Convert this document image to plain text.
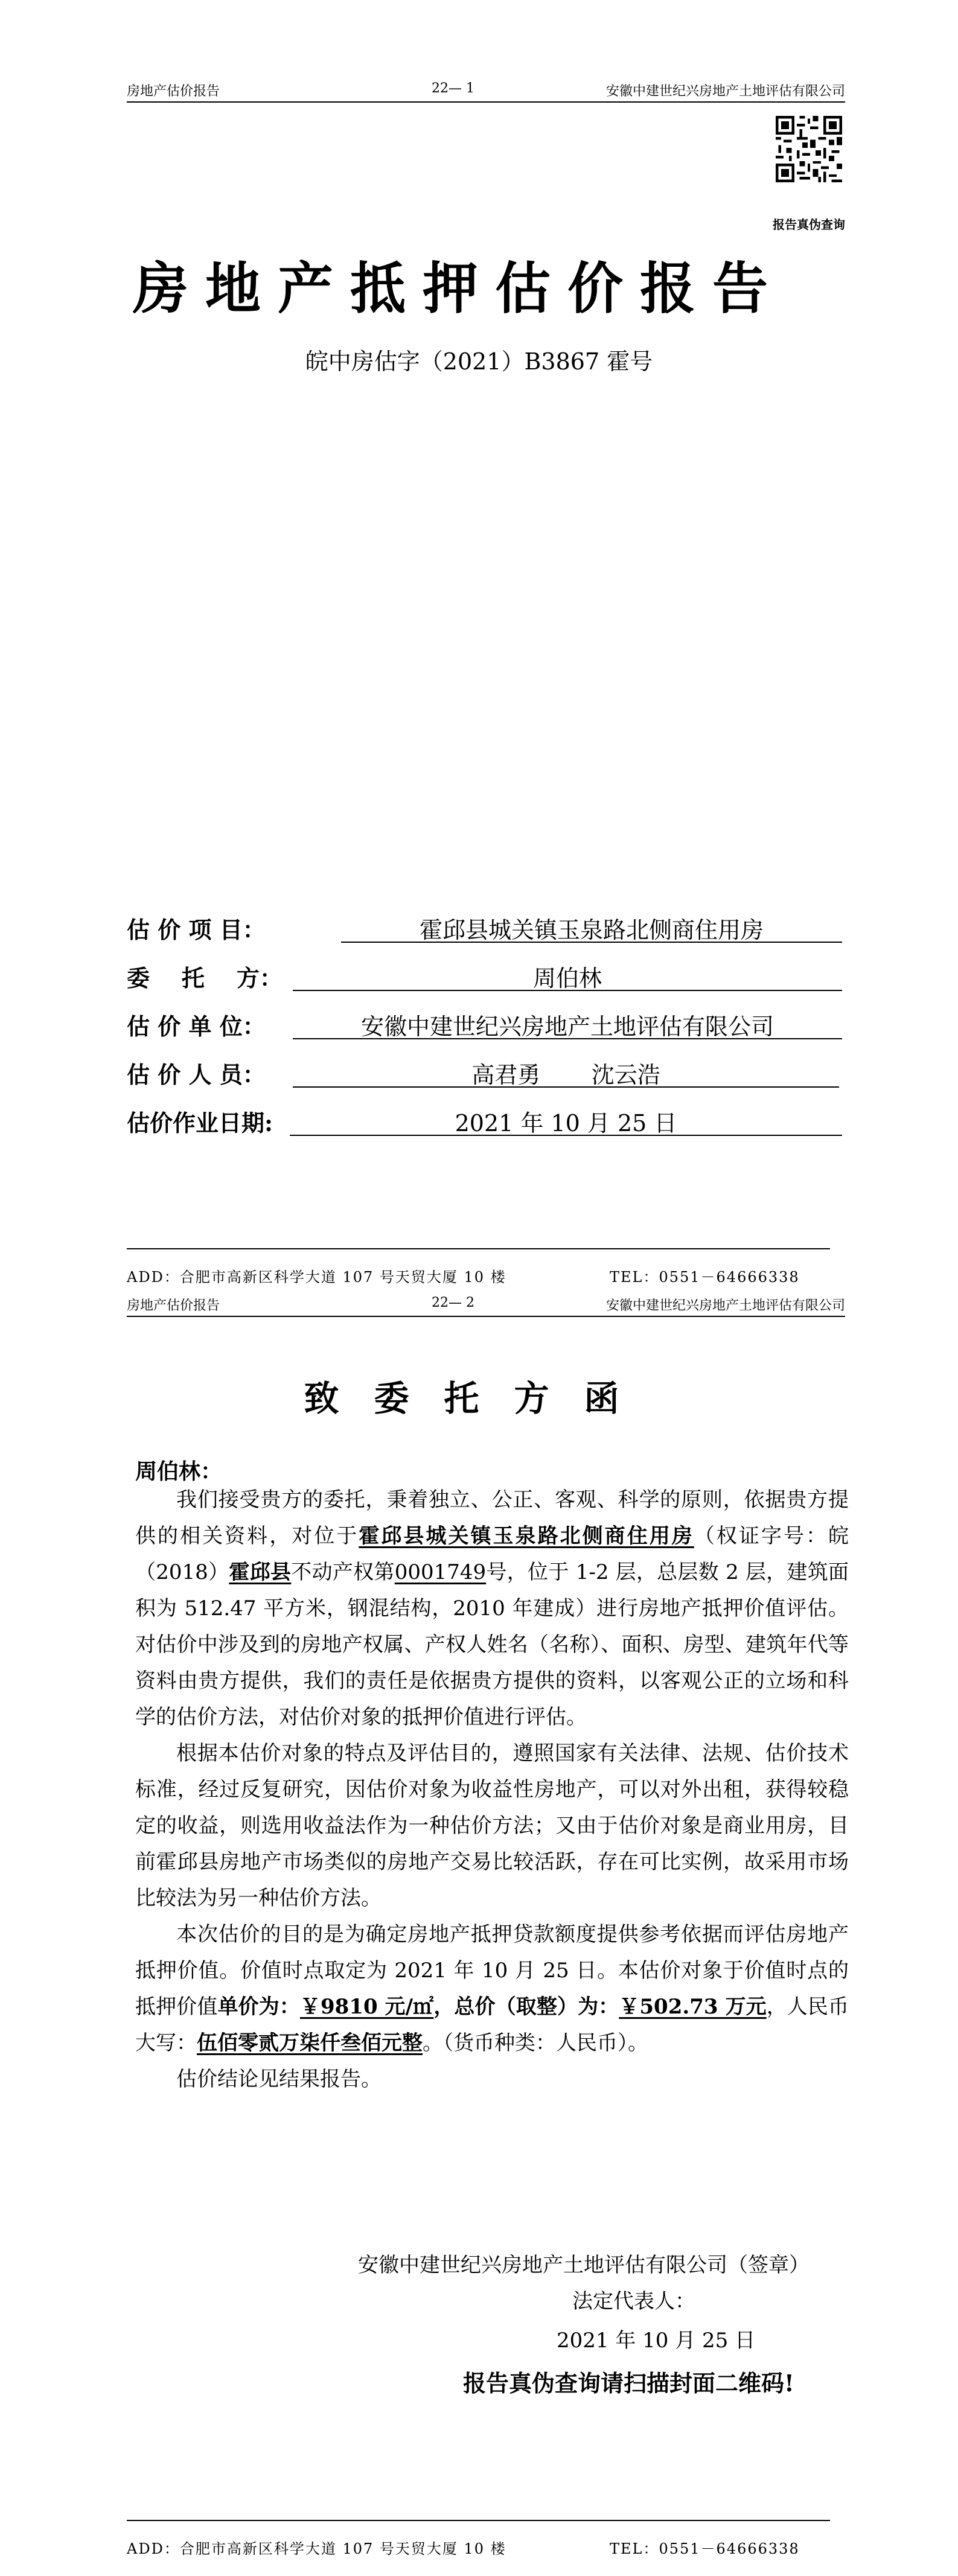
房地产估价报告	22— 1	安徽中建世纪兴房地产土地评估有限公司
报告真伪查询
房地产抵押估价报告
皖中房估字（2021）B3867 霍号
估 价 项 目：	霍邱县城关镇玉泉路北侧商住用房
委    托    方：	周伯林
估 价 单 位：	安徽中建世纪兴房地产土地评估有限公司
估 价 人 员：	高君勇       沈云浩
估价作业日期:	2021 年 10 月 25 日
ADD：合肥市高新区科学大道 107 号天贸大厦 10 楼	TEL：0551－64666338
房地产估价报告	22— 2	安徽中建世纪兴房地产土地评估有限公司
致委托方函
周伯林：

我们接受贵方的委托，秉着独立、公正、客观、科学的原则，依据贵方提供的相关资料，对位于霍邱县城关镇玉泉路北侧商住用房（权证字号：皖（2018）霍邱县不动产权第0001749号，位于 1-2 层，总层数 2 层，建筑面积为 512.47 平方米，钢混结构，2010 年建成）进行房地产抵押价值评估。对估价中涉及到的房地产权属、产权人姓名（名称）、面积、房型、建筑年代等资料由贵方提供，我们的责任是依据贵方提供的资料，以客观公正的立场和科学的估价方法，对估价对象的抵押价值进行评估。

根据本估价对象的特点及评估目的，遵照国家有关法律、法规、估价技术标准，经过反复研究，因估价对象为收益性房地产，可以对外出租，获得较稳定的收益，则选用收益法作为一种估价方法；又由于估价对象是商业用房，目前霍邱县房地产市场类似的房地产交易比较活跃，存在可比实例，故采用市场比较法为另一种估价方法。

本次估价的目的是为确定房地产抵押贷款额度提供参考依据而评估房地产抵押价值。价值时点取定为 2021 年 10 月 25 日。本估价对象于价值时点的抵押价值单价为：￥9810 元/㎡，总价（取整）为：￥502.73 万元，人民币大写：伍佰零贰万柒仟叁佰元整。（货币种类：人民币）。

估价结论见结果报告。

安徽中建世纪兴房地产土地评估有限公司（签章）
法定代表人：
2021 年 10 月 25 日
报告真伪查询请扫描封面二维码!
ADD：合肥市高新区科学大道 107 号天贸大厦 10 楼	TEL：0551－64666338
